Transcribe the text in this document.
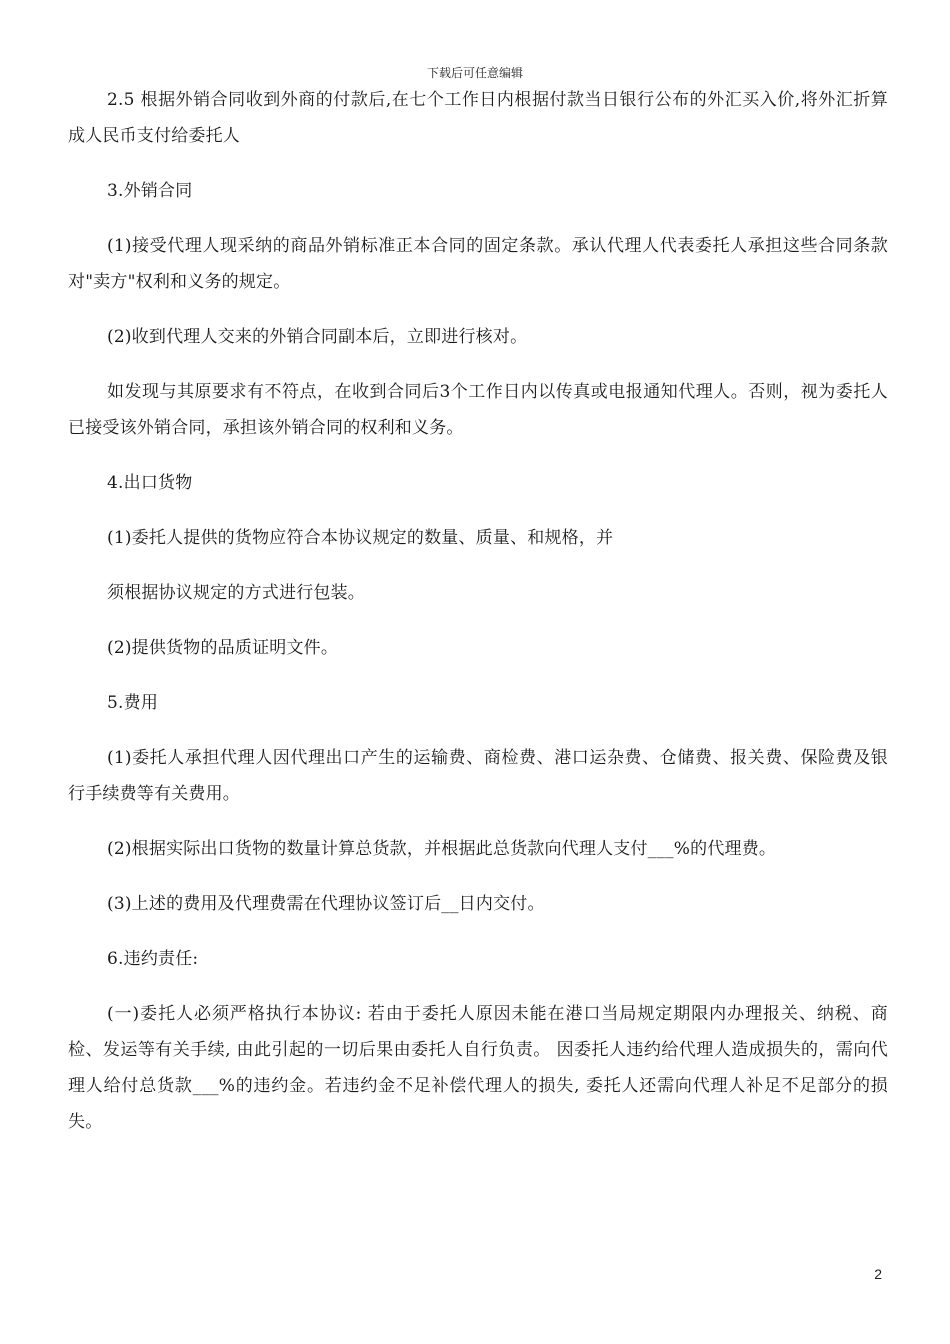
下载后可任意编辑

2.5 根据外销合同收到外商的付款后,在七个工作日内根据付款当日银行公布的外汇买入价,将外汇折算成人民币支付给委托人

3.外销合同

(1)接受代理人现采纳的商品外销标准正本合同的固定条款。承认代理人代表委托人承担这些合同条款对"卖方"权利和义务的规定。

(2)收到代理人交来的外销合同副本后，立即进行核对。

如发现与其原要求有不符点，在收到合同后3个工作日内以传真或电报通知代理人。否则，视为委托人已接受该外销合同，承担该外销合同的权利和义务。

4.出口货物

(1)委托人提供的货物应符合本协议规定的数量、质量、和规格，并

须根据协议规定的方式进行包装。

(2)提供货物的品质证明文件。

5.费用

(1)委托人承担代理人因代理出口产生的运输费、商检费、港口运杂费、仓储费、报关费、保险费及银行手续费等有关费用。

(2)根据实际出口货物的数量计算总货款，并根据此总货款向代理人支付___%的代理费。

(3)上述的费用及代理费需在代理协议签订后__日内交付。

6.违约责任:

(一)委托人必须严格执行本协议: 若由于委托人原因未能在港口当局规定期限内办理报关、纳税、商检、发运等有关手续, 由此引起的一切后果由委托人自行负责。 因委托人违约给代理人造成损失的，需向代理人给付总货款___%的违约金。若违约金不足补偿代理人的损失, 委托人还需向代理人补足不足部分的损失。

2
